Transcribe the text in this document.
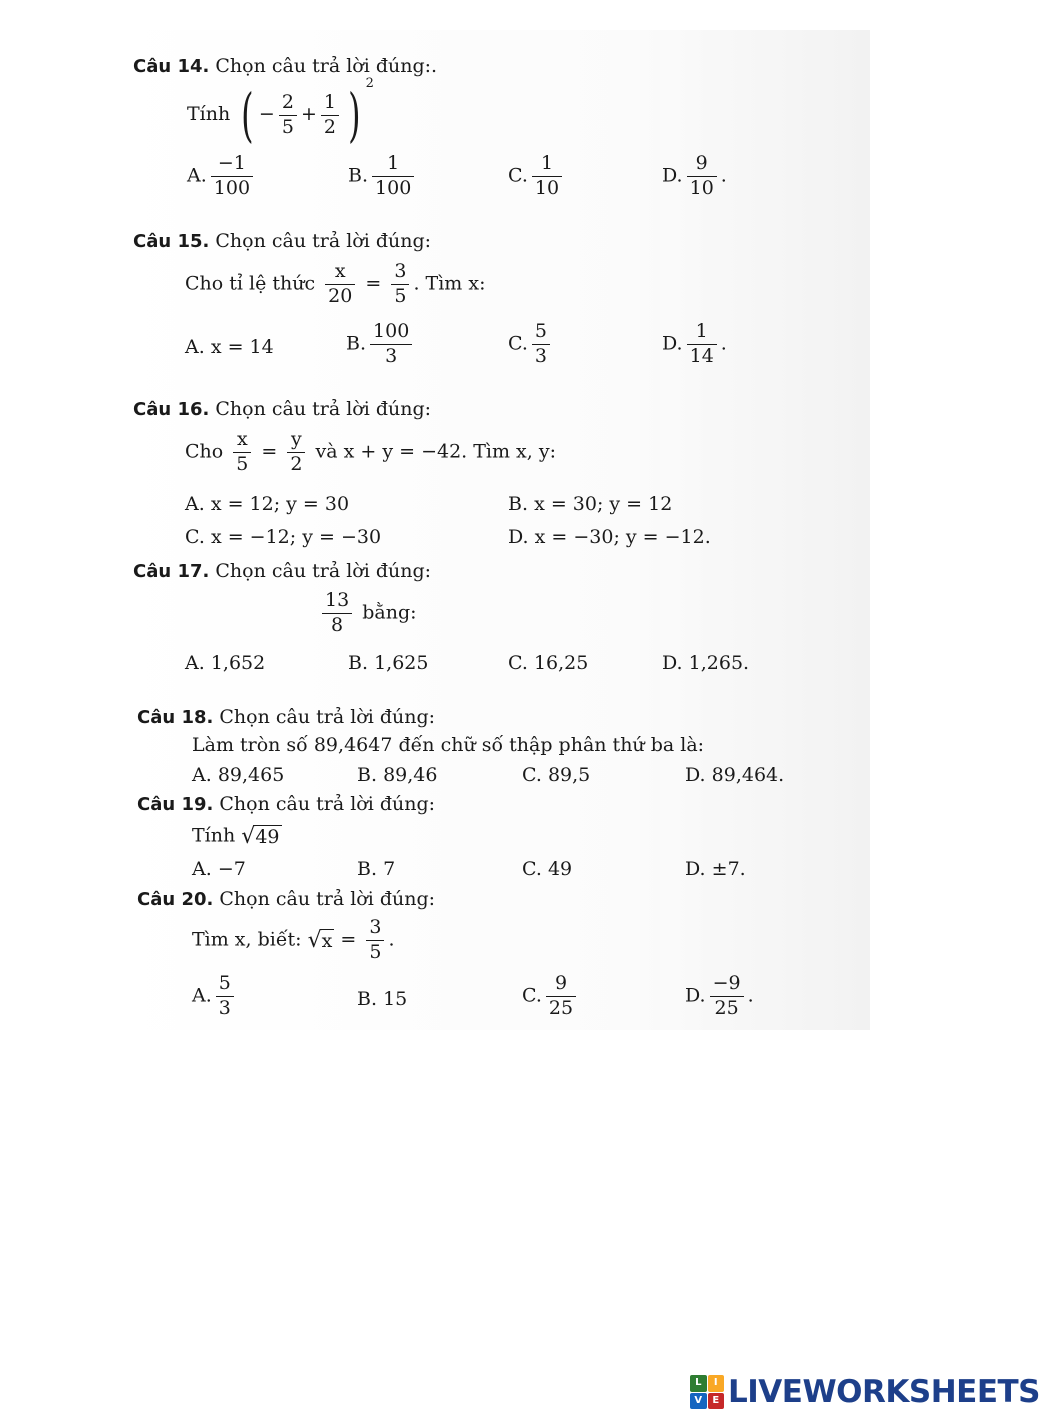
Câu 14. Chọn câu trả lời đúng:.
Tính ( − $\frac{2}{5} + \frac{1}{2}$ ) 2
A. $\frac{-1}{100}$	B. $\frac{1}{100}$	C. $\frac{1}{10}$	D. $\frac{9}{10}$ .
Câu 15. Chọn câu trả lời đúng:
Cho tỉ lệ thức $\frac{x}{20} = \frac{3}{5}$ . Tìm x:
A. x = 14	B. $\frac{100}{3}$	C. $\frac{5}{3}$	D. $\frac{1}{14}$ .
Câu 16. Chọn câu trả lời đúng:
Cho $\frac{x}{5} = \frac{y}{2}$ và x + y = −42. Tìm x, y:
A. x = 12; y = 30	B. x = 30; y = 12
C. x = −12; y = −30	D. x = −30; y = −12.
Câu 17. Chọn câu trả lời đúng:
$\frac{13}{8}$ bằng:
A. 1,652	B. 1,625	C. 16,25	D. 1,265.
Câu 18. Chọn câu trả lời đúng:
Làm tròn số 89,4647 đến chữ số thập phân thứ ba là:
A. 89,465	B. 89,46	C. 89,5	D. 89,464.
Câu 19. Chọn câu trả lời đúng:
Tính √49
A. −7	B. 7	C. 49	D. ±7.
Câu 20. Chọn câu trả lời đúng:
Tìm x, biết: $√x = \frac{3}{5}$ .
A. $\frac{5}{3}$	B. 15	C. $\frac{9}{25}$	D. $\frac{-9}{25}$ .
L	I
V	E LIVEWORKSHEETS
